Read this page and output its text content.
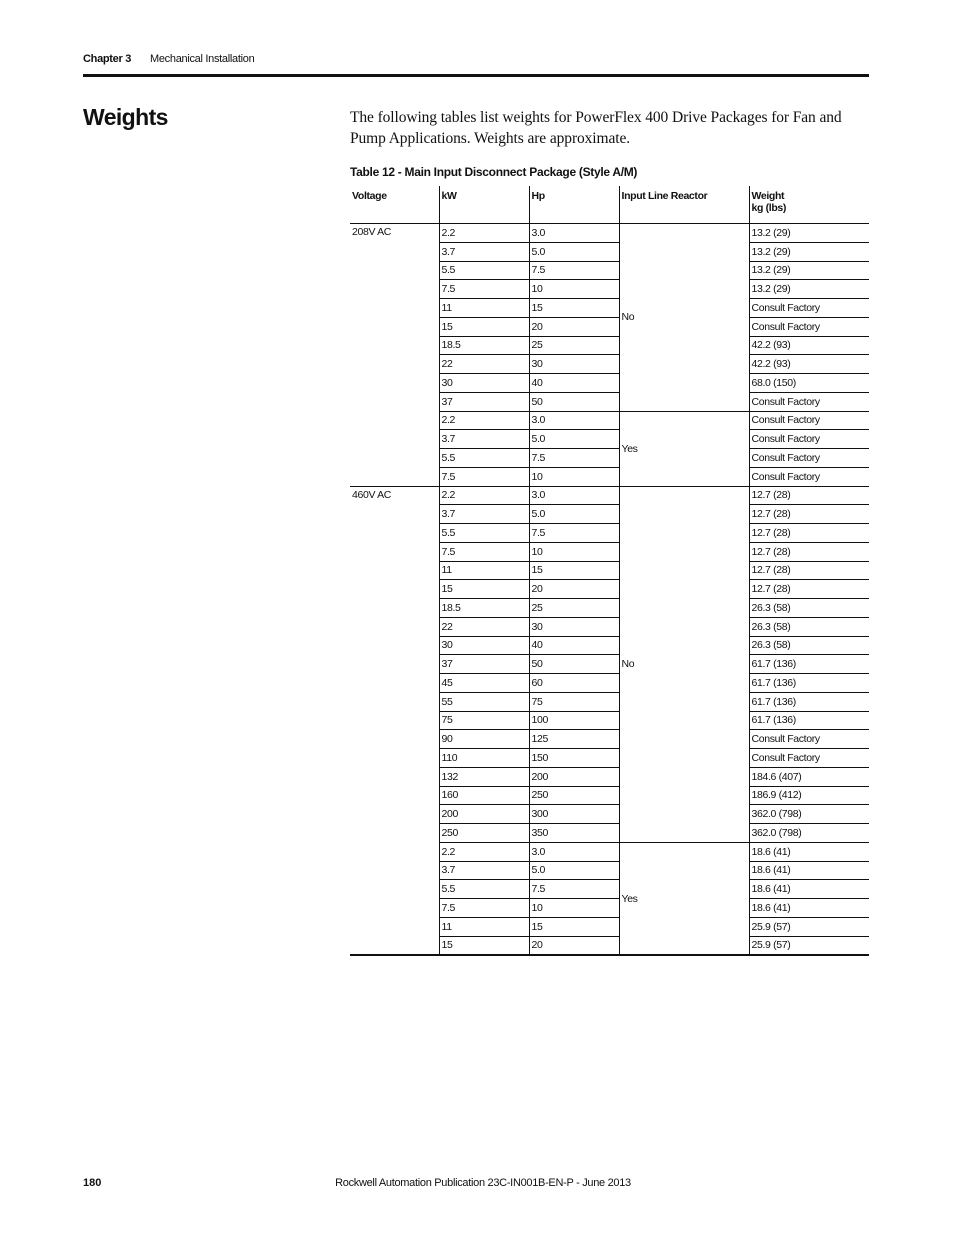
Chapter 3 Mechanical Installation
Weights	The following tables list weights for PowerFlex 400 Drive Packages for Fan and Pump Applications. Weights are approximate.
Table 12 - Main Input Disconnect Package (Style A/M)
Voltage	kW	Hp	Input Line Reactor	Weight
kg (lbs)
208V AC	2.2	3.0	No	13.2 (29)
	3.7	5.0		13.2 (29)
	5.5	7.5		13.2 (29)
	7.5	10		13.2 (29)
	11	15		Consult Factory
	15	20		Consult Factory
	18.5	25		42.2 (93)
	22	30		42.2 (93)
	30	40		68.0 (150)
	37	50		Consult Factory
	2.2	3.0	Yes	Consult Factory
	3.7	5.0		Consult Factory
	5.5	7.5		Consult Factory
	7.5	10		Consult Factory
460V AC	2.2	3.0	No	12.7 (28)
	3.7	5.0		12.7 (28)
	5.5	7.5		12.7 (28)
	7.5	10		12.7 (28)
	11	15		12.7 (28)
	15	20		12.7 (28)
	18.5	25		26.3 (58)
	22	30		26.3 (58)
	30	40		26.3 (58)
	37	50		61.7 (136)
	45	60		61.7 (136)
	55	75		61.7 (136)
	75	100		61.7 (136)
	90	125		Consult Factory
	110	150		Consult Factory
	132	200		184.6 (407)
	160	250		186.9 (412)
	200	300		362.0 (798)
	250	350		362.0 (798)
	2.2	3.0	Yes	18.6 (41)
	3.7	5.0		18.6 (41)
	5.5	7.5		18.6 (41)
	7.5	10		18.6 (41)
	11	15		25.9 (57)
	15	20		25.9 (57)
180	Rockwell Automation Publication 23C-IN001B-EN-P - June 2013
